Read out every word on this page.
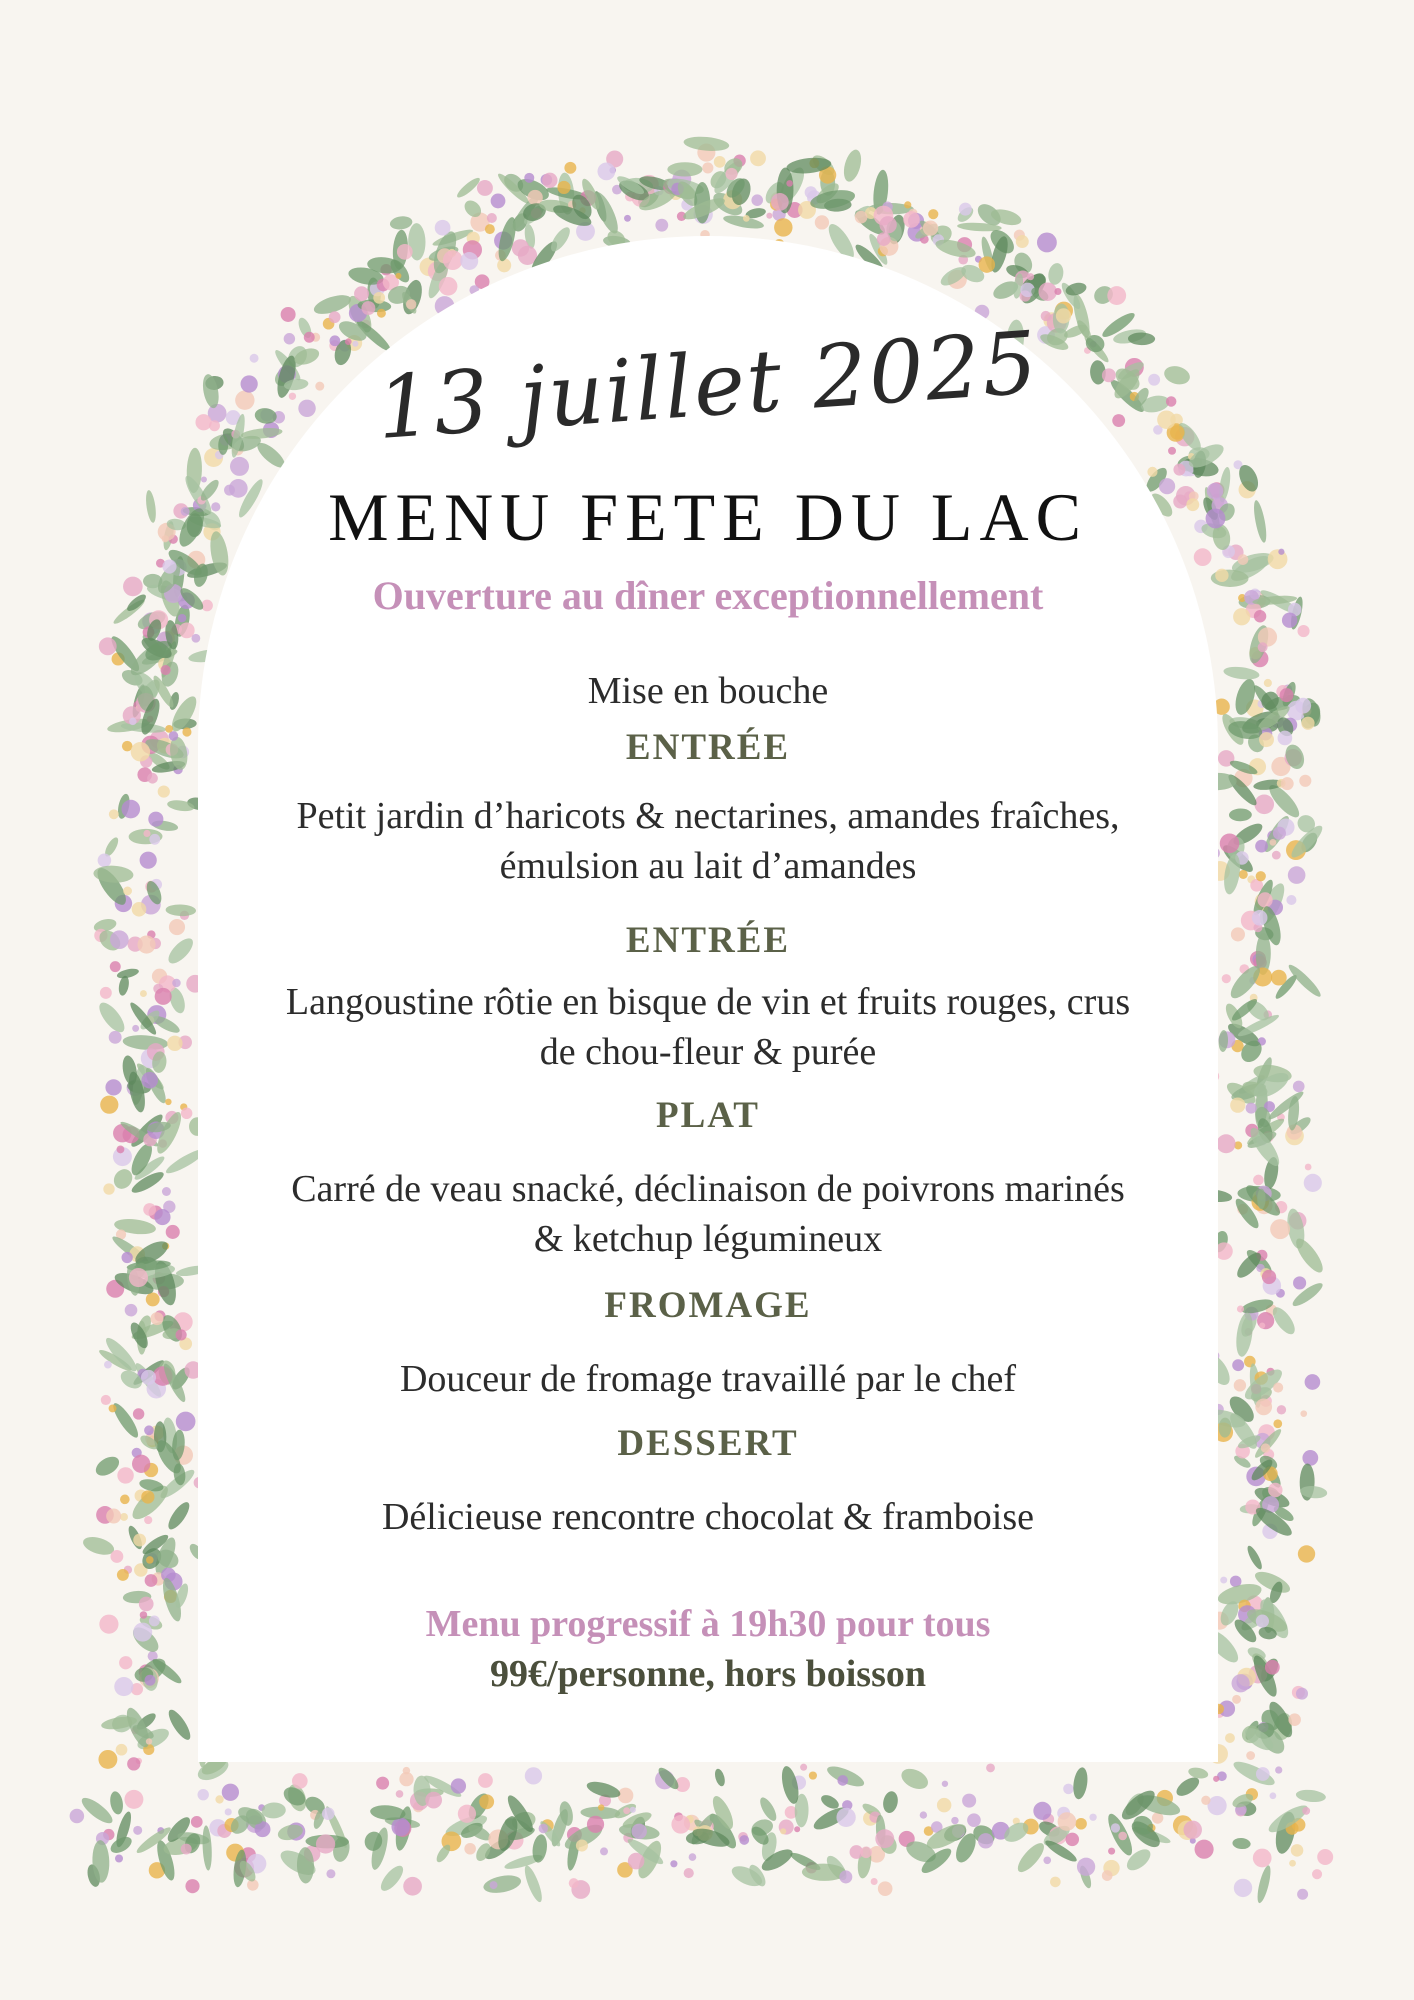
13 juillet 2025
MENU FETE DU LAC
Ouverture au dîner exceptionnellement
Mise en bouche
ENTRÉE
Petit jardin d’haricots & nectarines, amandes fraîches,
émulsion au lait d’amandes
ENTRÉE
Langoustine rôtie en bisque de vin et fruits rouges, crus
de chou-fleur & purée
PLAT
Carré de veau snacké, déclinaison de poivrons marinés
& ketchup légumineux
FROMAGE
Douceur de fromage travaillé par le chef
DESSERT
Délicieuse rencontre chocolat & framboise
Menu progressif à 19h30 pour tous
99€/personne, hors boisson
